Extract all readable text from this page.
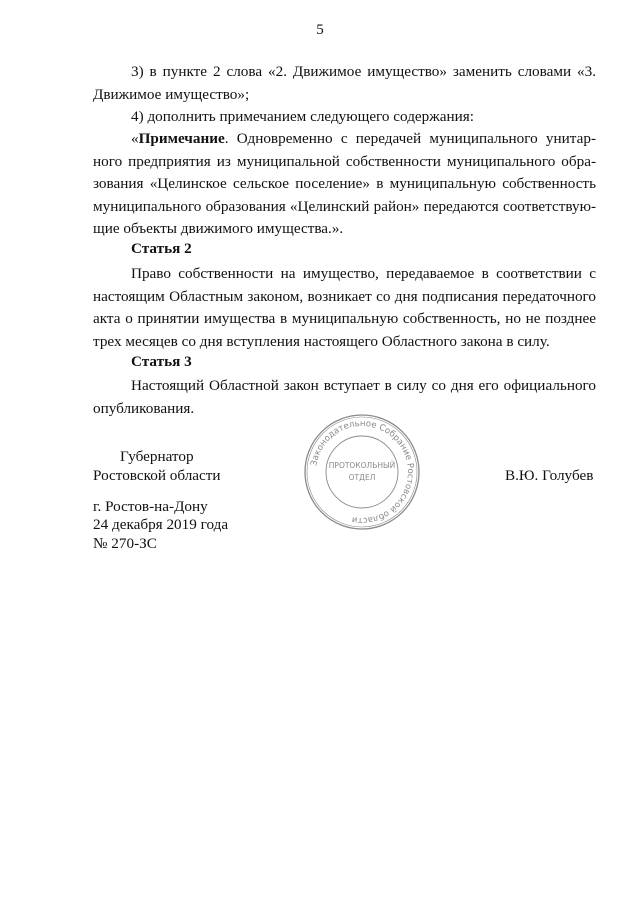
5

3) в пункте 2 слова «2. Движимое имущество» заменить словами «3. Движимое имущество»;

4) дополнить примечанием следующего содержания:

«Примечание. Одновременно с передачей муниципального унитарного предприятия из муниципальной собственности муниципального образования «Целинское сельское поселение» в муниципальную собственность муниципального образования «Целинский район» передаются соответствующие объекты движимого имущества.».

Статья 2

Право собственности на имущество, передаваемое в соответствии с настоящим Областным законом, возникает со дня подписания передаточного акта о принятии имущества в муниципальную собственность, но не позднее трех месяцев со дня вступления настоящего Областного закона в силу.

Статья 3

Настоящий Областной закон вступает в силу со дня его официального опубликования.

Губернатор
Ростовской области	В.Ю. Голубев
г. Ростов-на-Дону
24 декабря 2019 года
№ 270-ЗС
Законодательное Собрание Ростовской области
ПРОТОКОЛЬНЫЙ
ОТДЕЛ
